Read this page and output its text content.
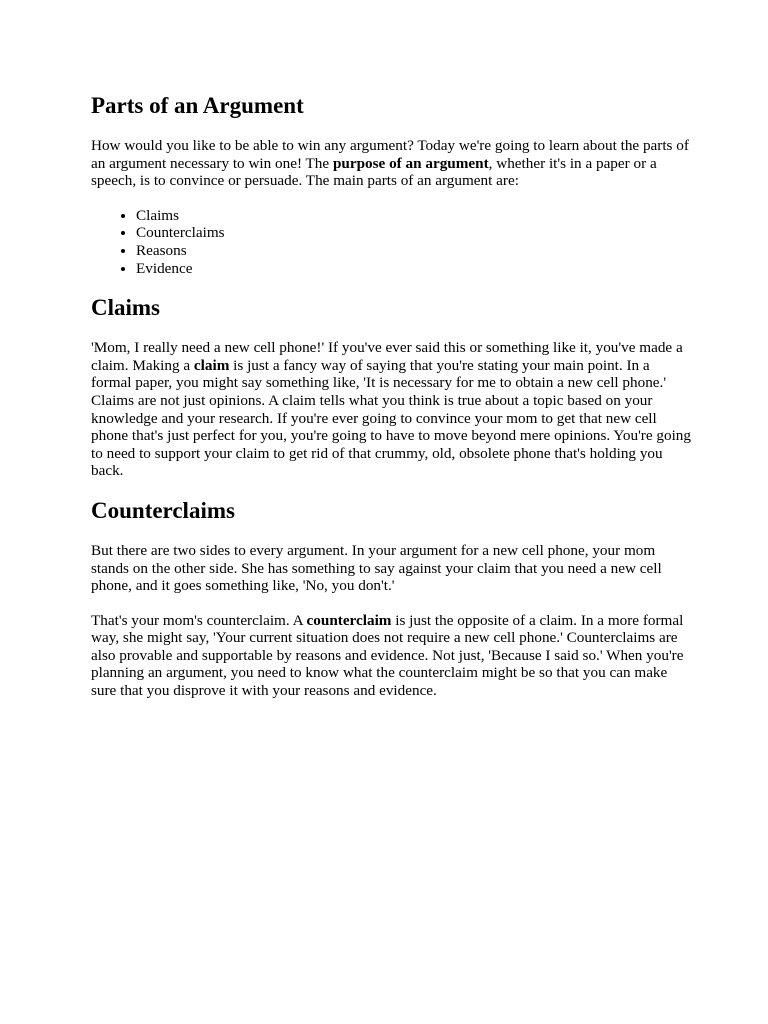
Parts of an Argument

How would you like to be able to win any argument? Today we're going to learn about the parts of an argument necessary to win one! The purpose of an argument, whether it's in a paper or a speech, is to convince or persuade. The main parts of an argument are:

• Claims
• Counterclaims
• Reasons
• Evidence
Claims

'Mom, I really need a new cell phone!' If you've ever said this or something like it, you've made a claim. Making a claim is just a fancy way of saying that you're stating your main point. In a formal paper, you might say something like, 'It is necessary for me to obtain a new cell phone.' Claims are not just opinions. A claim tells what you think is true about a topic based on your knowledge and your research. If you're ever going to convince your mom to get that new cell phone that's just perfect for you, you're going to have to move beyond mere opinions. You're going to need to support your claim to get rid of that crummy, old, obsolete phone that's holding you back.

Counterclaims

But there are two sides to every argument. In your argument for a new cell phone, your mom stands on the other side. She has something to say against your claim that you need a new cell phone, and it goes something like, 'No, you don't.'

That's your mom's counterclaim. A counterclaim is just the opposite of a claim. In a more formal way, she might say, 'Your current situation does not require a new cell phone.' Counterclaims are also provable and supportable by reasons and evidence. Not just, 'Because I said so.' When you're planning an argument, you need to know what the counterclaim might be so that you can make sure that you disprove it with your reasons and evidence.
